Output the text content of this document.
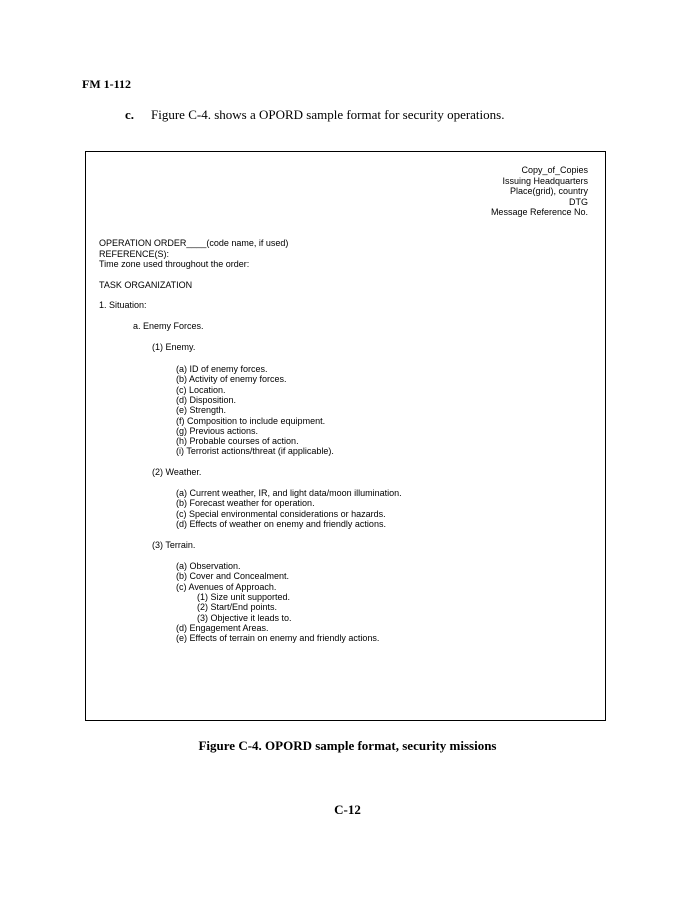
FM 1-112
c. Figure C-4. shows a OPORD sample format for security operations.
Copy_of_Copies
Issuing Headquarters
Place(grid), country
DTG
Message Reference No.
OPERATION ORDER____(code name, if used)
REFERENCE(S):
Time zone used throughout the order:
TASK ORGANIZATION
1. Situation:
a. Enemy Forces.
(1) Enemy.
(a) ID of enemy forces.
(b) Activity of enemy forces.
(c) Location.
(d) Disposition.
(e) Strength.
(f) Composition to include equipment.
(g) Previous actions.
(h) Probable courses of action.
(i) Terrorist actions/threat (if applicable).
(2) Weather.
(a) Current weather, IR, and light data/moon illumination.
(b) Forecast weather for operation.
(c) Special environmental considerations or hazards.
(d) Effects of weather on enemy and friendly actions.
(3) Terrain.
(a) Observation.
(b) Cover and Concealment.
(c) Avenues of Approach.
(1) Size unit supported.
(2) Start/End points.
(3) Objective it leads to.
(d) Engagement Areas.
(e) Effects of terrain on enemy and friendly actions.
Figure C-4. OPORD sample format, security missions
C-12
